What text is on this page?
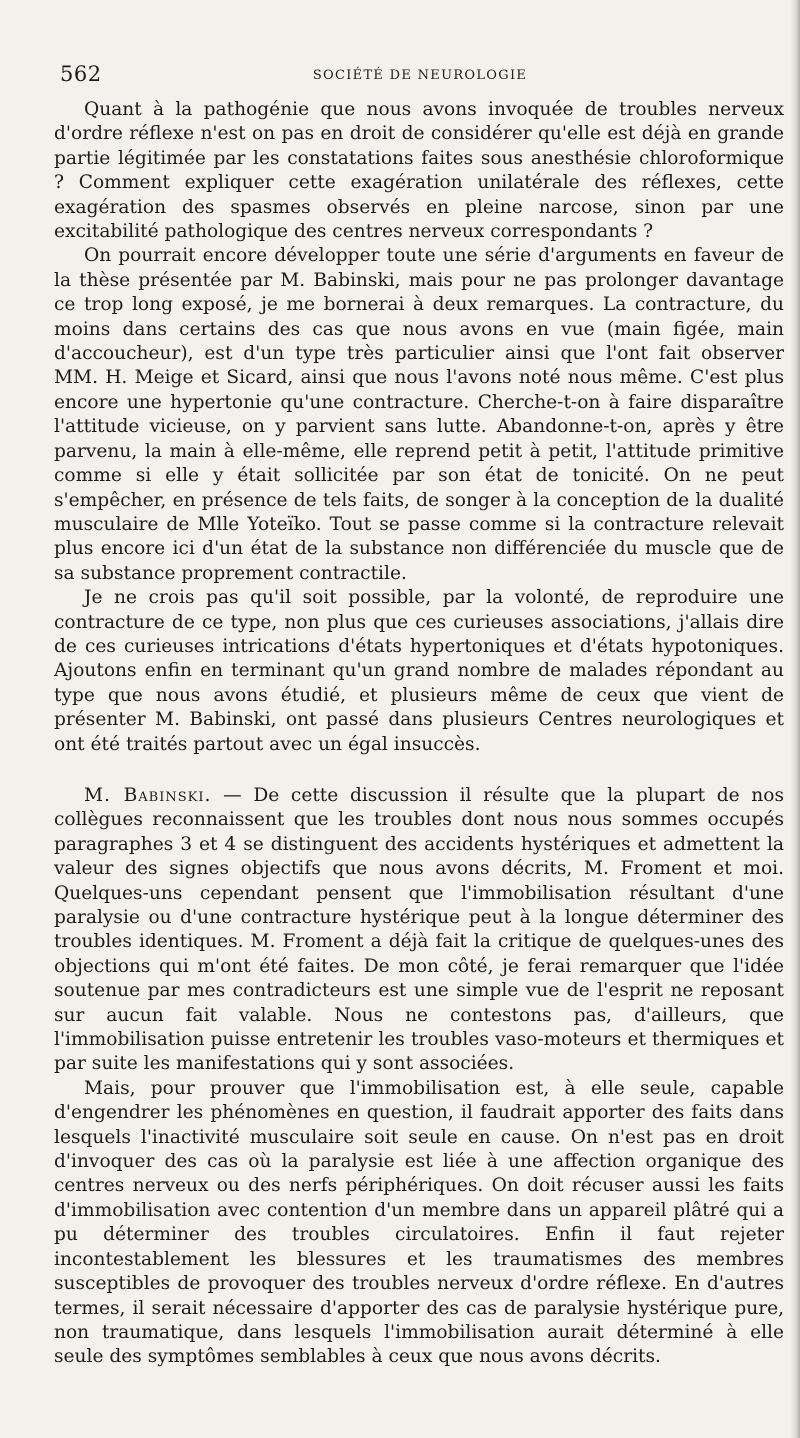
562	SOCIÉTÉ DE NEUROLOGIE

Quant à la pathogénie que nous avons invoquée de troubles nerveux d'ordre réflexe n'est on pas en droit de considérer qu'elle est déjà en grande partie légitimée par les constatations faites sous anesthésie chloroformique ? Comment expliquer cette exagération unilatérale des réflexes, cette exagération des spasmes observés en pleine narcose, sinon par une excitabilité pathologique des centres nerveux correspondants ?

On pourrait encore développer toute une série d'arguments en faveur de la thèse présentée par M. Babinski, mais pour ne pas prolonger davantage ce trop long exposé, je me bornerai à deux remarques. La contracture, du moins dans certains des cas que nous avons en vue (main figée, main d'accoucheur), est d'un type très particulier ainsi que l'ont fait observer MM. H. Meige et Sicard, ainsi que nous l'avons noté nous même. C'est plus encore une hypertonie qu'une contracture. Cherche-t-on à faire disparaître l'attitude vicieuse, on y parvient sans lutte. Abandonne-t-on, après y être parvenu, la main à elle-même, elle reprend petit à petit, l'attitude primitive comme si elle y était sollicitée par son état de tonicité. On ne peut s'empêcher, en présence de tels faits, de songer à la conception de la dualité musculaire de Mlle Yoteïko. Tout se passe comme si la contracture relevait plus encore ici d'un état de la substance non différenciée du muscle que de sa substance proprement contractile.

Je ne crois pas qu'il soit possible, par la volonté, de reproduire une contracture de ce type, non plus que ces curieuses associations, j'allais dire de ces curieuses intrications d'états hypertoniques et d'états hypotoniques. Ajoutons enfin en terminant qu'un grand nombre de malades répondant au type que nous avons étudié, et plusieurs même de ceux que vient de présenter M. Babinski, ont passé dans plusieurs Centres neurologiques et ont été traités partout avec un égal insuccès.

M. Babinski. — De cette discussion il résulte que la plupart de nos collègues reconnaissent que les troubles dont nous nous sommes occupés paragraphes 3 et 4 se distinguent des accidents hystériques et admettent la valeur des signes objectifs que nous avons décrits, M. Froment et moi. Quelques-uns cependant pensent que l'immobilisation résultant d'une paralysie ou d'une contracture hystérique peut à la longue déterminer des troubles identiques. M. Froment a déjà fait la critique de quelques-unes des objections qui m'ont été faites. De mon côté, je ferai remarquer que l'idée soutenue par mes contradicteurs est une simple vue de l'esprit ne reposant sur aucun fait valable. Nous ne contestons pas, d'ailleurs, que l'immobilisation puisse entretenir les troubles vaso-moteurs et thermiques et par suite les manifestations qui y sont associées.

Mais, pour prouver que l'immobilisation est, à elle seule, capable d'engendrer les phénomènes en question, il faudrait apporter des faits dans lesquels l'inactivité musculaire soit seule en cause. On n'est pas en droit d'invoquer des cas où la paralysie est liée à une affection organique des centres nerveux ou des nerfs périphériques. On doit récuser aussi les faits d'immobilisation avec contention d'un membre dans un appareil plâtré qui a pu déterminer des troubles circulatoires. Enfin il faut rejeter incontestablement les blessures et les traumatismes des membres susceptibles de provoquer des troubles nerveux d'ordre réflexe. En d'autres termes, il serait nécessaire d'apporter des cas de paralysie hystérique pure, non traumatique, dans lesquels l'immobilisation aurait déterminé à elle seule des symptômes semblables à ceux que nous avons décrits.
